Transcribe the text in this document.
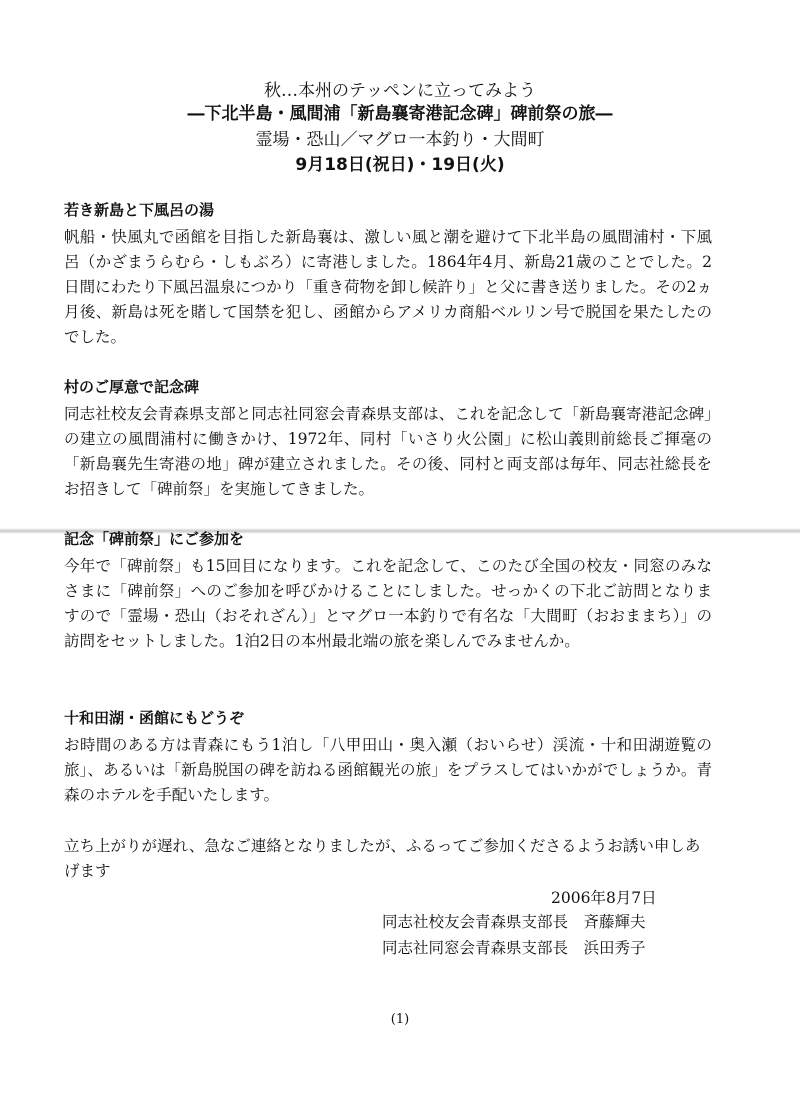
秋…本州のテッペンに立ってみよう
―下北半島・風間浦「新島襄寄港記念碑」碑前祭の旅―
霊場・恐山／マグロ一本釣り・大間町
9月18日(祝日)・19日(火)
若き新島と下風呂の湯

帆船・快風丸で函館を目指した新島襄は、激しい風と潮を避けて下北半島の風間浦村・下風呂（かざまうらむら・しもぶろ）に寄港しました。1864年4月、新島21歳のことでした。2日間にわたり下風呂温泉につかり「重き荷物を卸し候許り」と父に書き送りました。その2ヵ月後、新島は死を賭して国禁を犯し、函館からアメリカ商船ベルリン号で脱国を果たしたのでした。

村のご厚意で記念碑

同志社校友会青森県支部と同志社同窓会青森県支部は、これを記念して「新島襄寄港記念碑」の建立の風間浦村に働きかけ、1972年、同村「いさり火公園」に松山義則前総長ご揮毫の「新島襄先生寄港の地」碑が建立されました。その後、同村と両支部は毎年、同志社総長をお招きして「碑前祭」を実施してきました。

記念「碑前祭」にご参加を

今年で「碑前祭」も15回目になります。これを記念して、このたび全国の校友・同窓のみなさまに「碑前祭」へのご参加を呼びかけることにしました。せっかくの下北ご訪問となりますので「霊場・恐山（おそれざん）」とマグロ一本釣りで有名な「大間町（おおままち）」の訪問をセットしました。1泊2日の本州最北端の旅を楽しんでみませんか。

十和田湖・函館にもどうぞ

お時間のある方は青森にもう1泊し「八甲田山・奥入瀬（おいらせ）渓流・十和田湖遊覧の旅」、あるいは「新島脱国の碑を訪ねる函館観光の旅」をプラスしてはいかがでしょうか。青森のホテルを手配いたします。

立ち上がりが遅れ、急なご連絡となりましたが、ふるってご参加くださるようお誘い申しあげます
2006年8月7日
同志社校友会青森県支部長　斉藤輝夫
同志社同窓会青森県支部長　浜田秀子
(1)
